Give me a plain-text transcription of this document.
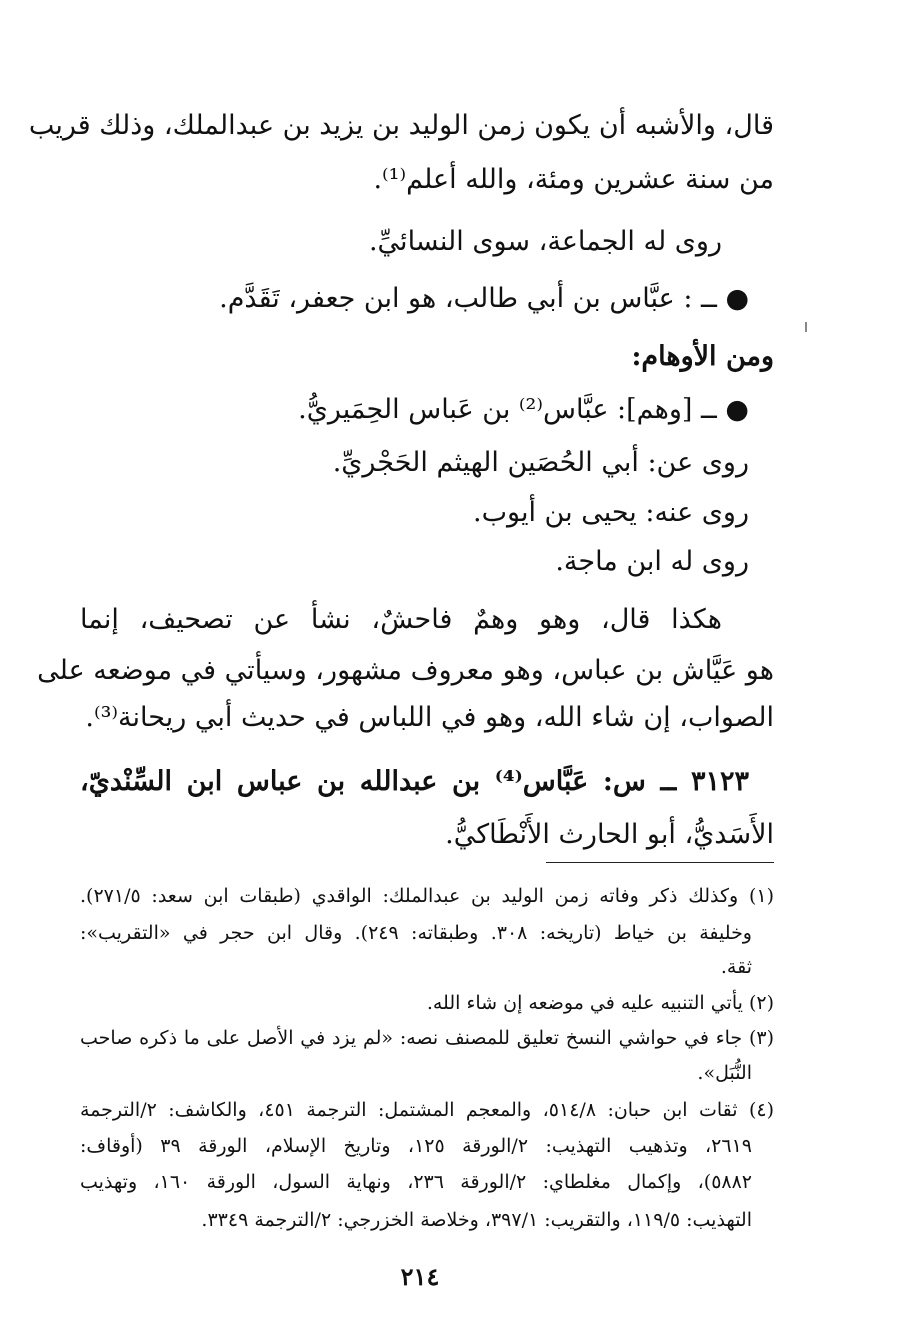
قال، والأشبه أن يكون زمن الوليد بن يزيد بن عبدالملك، وذلك قريب
من سنة عشرين ومئة، والله أعلم⁽¹⁾.
روى له الجماعة، سوى النسائيِّ.
● ــ : عبَّاس بن أبي طالب، هو ابن جعفر، تَقَدَّم.
ومن الأوهام:
● ــ [وهم]: عبَّاس⁽²⁾ بن عَباس الحِمَيريُّ.
روى عن: أبي الحُصَين الهيثم الحَجْريِّ.
روى عنه: يحيى بن أيوب.
روى له ابن ماجة.
هكذا قال، وهو وهمٌ فاحشٌ، نشأ عن تصحيف، إنما
هو عَيَّاش بن عباس، وهو معروف مشهور، وسيأتي في موضعه على
الصواب، إن شاء الله، وهو في اللباس في حديث أبي ريحانة⁽³⁾.
٣١٢٣ ــ س: عَبَّاس⁽⁴⁾ بن عبدالله بن عباس ابن السِّنْديّ،
الأَسَديُّ، أبو الحارث الأَنْطَاكيُّ.
(١) وكذلك ذكر وفاته زمن الوليد بن عبدالملك: الواقدي (طبقات ابن سعد: ٢٧١/٥).
وخليفة بن خياط (تاريخه: ٣٠٨. وطبقاته: ٢٤٩). وقال ابن حجر في «التقريب»:
ثقة.
(٢) يأتي التنبيه عليه في موضعه إن شاء الله.
(٣) جاء في حواشي النسخ تعليق للمصنف نصه: «لم يزد في الأصل على ما ذكره صاحب
النُّبَل».
(٤) ثقات ابن حبان: ٥١٤/٨، والمعجم المشتمل: الترجمة ٤٥١، والكاشف: ٢/الترجمة
٢٦١٩، وتذهيب التهذيب: ٢/الورقة ١٢٥، وتاريخ الإسلام، الورقة ٣٩ (أوقاف:
٥٨٨٢)، وإكمال مغلطاي: ٢/الورقة ٢٣٦، ونهاية السول، الورقة ١٦٠، وتهذيب
التهذيب: ١١٩/٥، والتقريب: ٣٩٧/١، وخلاصة الخزرجي: ٢/الترجمة ٣٣٤٩.
٢١٤
